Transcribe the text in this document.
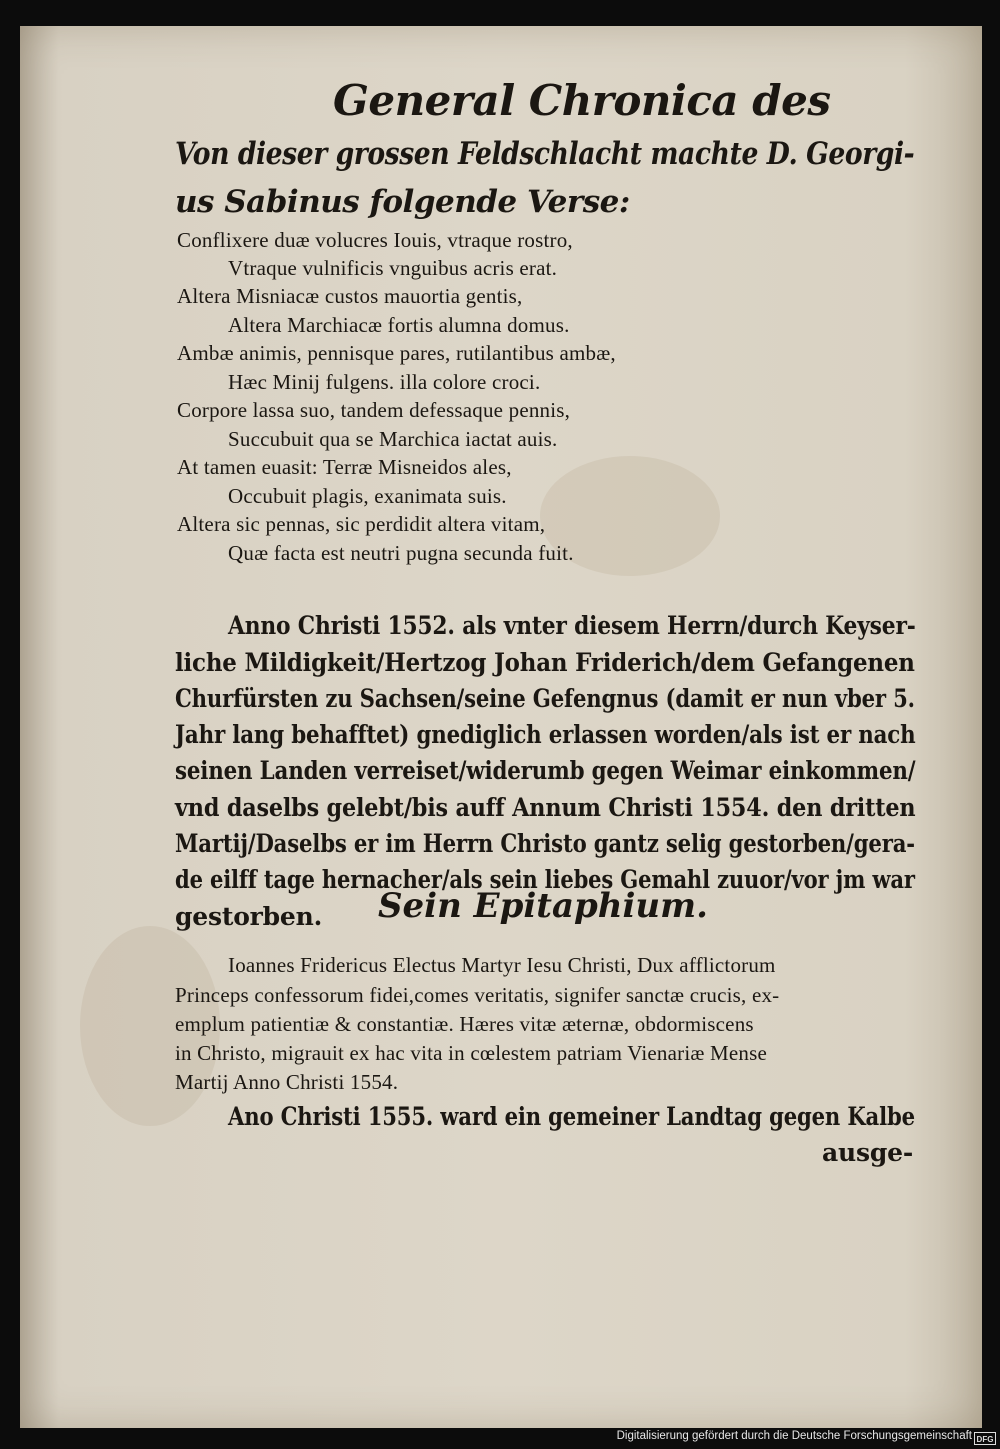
General Chronica des
Von dieser grossen Feldschlacht machte D. Georgi-
us Sabinus folgende Verse:
Conflixere duæ volucres Iouis, vtraque rostro,
Vtraque vulnificis vnguibus acris erat.
Altera Misniacæ custos mauortia gentis,
Altera Marchiacæ fortis alumna domus.
Ambæ animis, pennisque pares, rutilantibus ambæ,
Hæc Minij fulgens. illa colore croci.
Corpore lassa suo, tandem defessaque pennis,
Succubuit qua se Marchica iactat auis.
At tamen euasit: Terræ Misneidos ales,
Occubuit plagis, exanimata suis.
Altera sic pennas, sic perdidit altera vitam,
Quæ facta est neutri pugna secunda fuit.
Anno Christi 1552. als vnter diesem Herrn/durch Keyser-
liche Mildigkeit/Hertzog Johan Friderich/dem Gefangenen
Churfürsten zu Sachsen/seine Gefengnus (damit er nun vber 5.
Jahr lang behafftet) gnediglich erlassen worden/als ist er nach
seinen Landen verreiset/widerumb gegen Weimar einkommen/
vnd daselbs gelebt/bis auff Annum Christi 1554. den dritten
Martij/Daselbs er im Herrn Christo gantz selig gestorben/gera-
de eilff tage hernacher/als sein liebes Gemahl zuuor/vor jm war
gestorben. Sein Epitaphium.
Ioannes Fridericus Electus Martyr Iesu Christi, Dux afflictorum
Princeps confessorum fidei,comes veritatis, signifer sanctæ crucis, ex-
emplum patientiæ & constantiæ. Hæres vitæ æternæ, obdormiscens
in Christo, migrauit ex hac vita in cœlestem patriam Vienariæ Mense
Martij Anno Christi 1554.
Ano Christi 1555. ward ein gemeiner Landtag gegen Kalbe
ausge-
Digitalisierung gefördert durch die Deutsche Forschungsgemeinschaft DFG
